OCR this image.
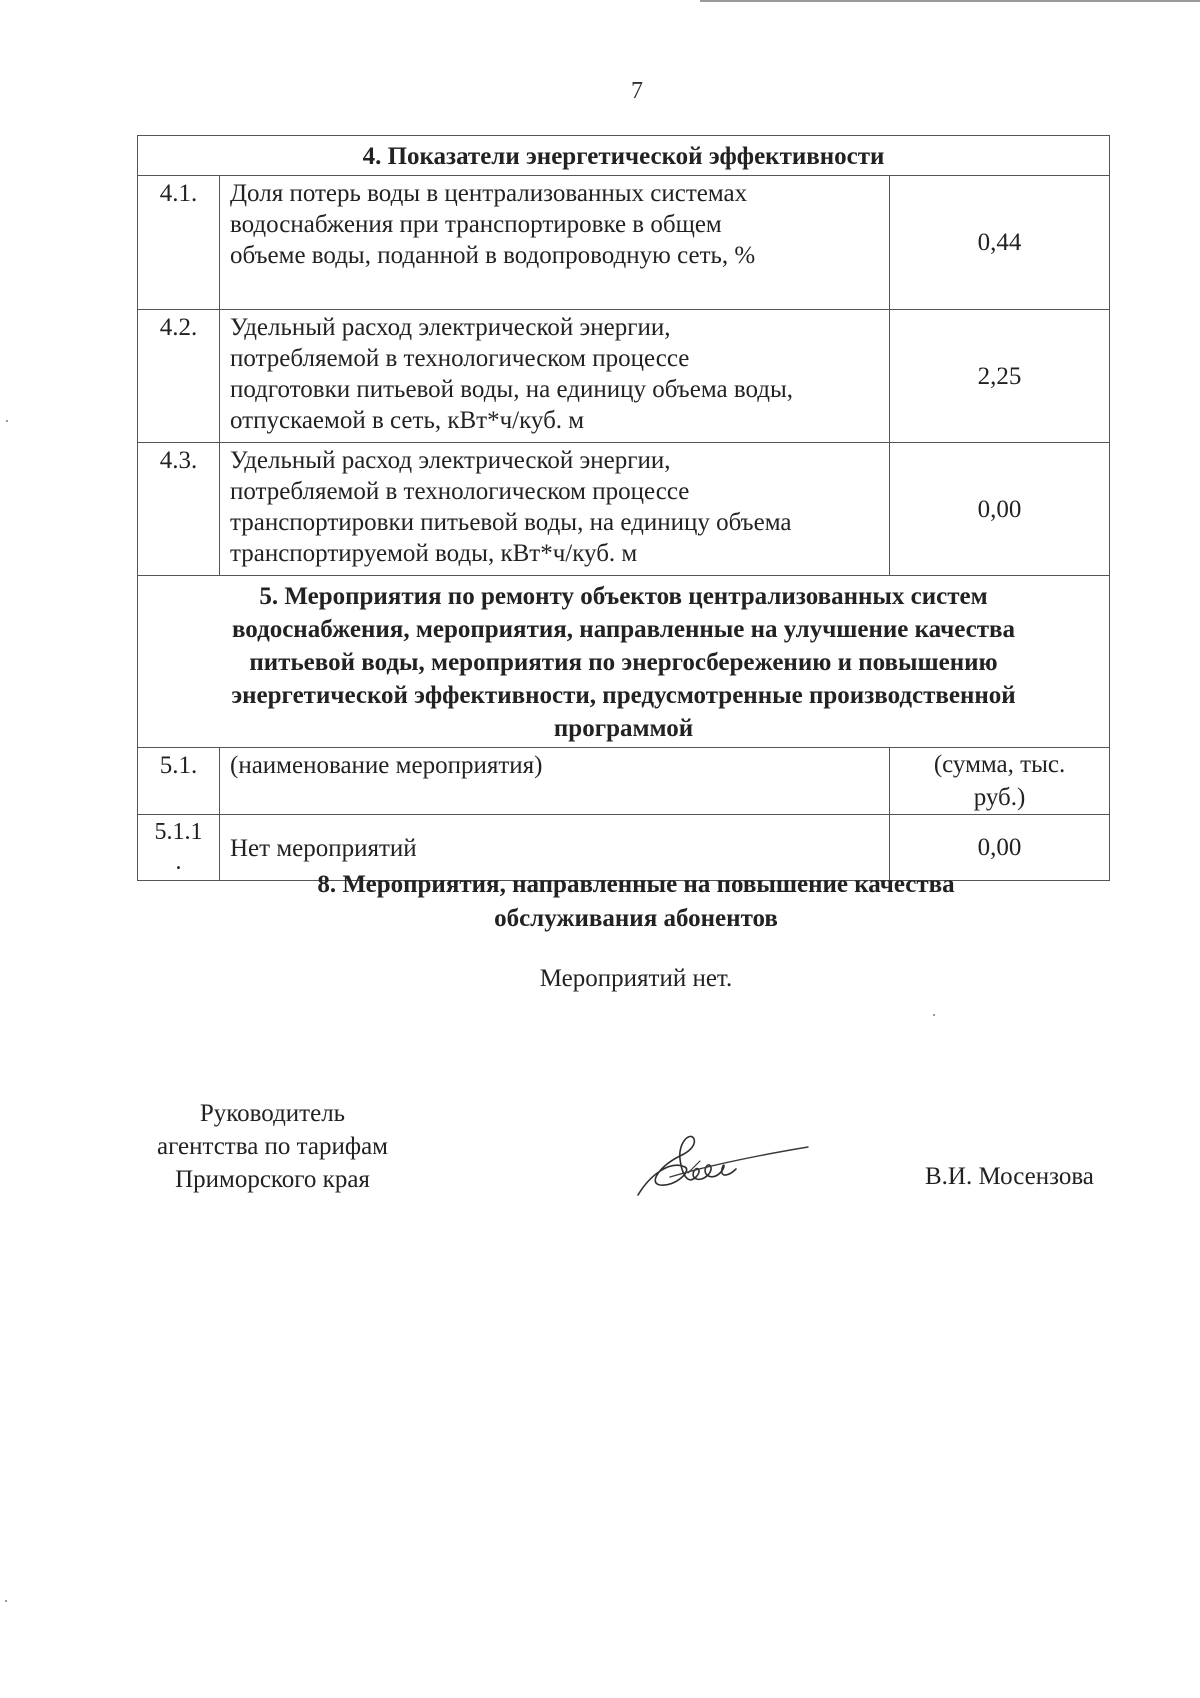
7
4. Показатели энергетической эффективности		
4.1.	Доля потерь воды в централизованных системах
водоснабжения при транспортировке в общем
объеме воды, поданной в водопроводную сеть, %	0,44
4.2.	Удельный расход электрической энергии,
потребляемой в технологическом процессе
подготовки питьевой воды, на единицу объема воды,
отпускаемой в сеть, кВт*ч/куб. м	2,25
4.3.	Удельный расход электрической энергии,
потребляемой в технологическом процессе
транспортировки питьевой воды, на единицу объема
транспортируемой воды, кВт*ч/куб. м	0,00

5. Мероприятия по ремонту объектов централизованных систем
водоснабжения, мероприятия, направленные на улучшение качества
питьевой воды, мероприятия по энергосбережению и повышению
энергетической эффективности, предусмотренные производственной
программой		

5.1.	(наименование мероприятия)	(сумма, тыс.
руб.)

5.1.1
.	Нет мероприятий	0,00
8. Мероприятия, направленные на повышение качества
обслуживания абонентов
Мероприятий нет.
Руководитель
агентства по тарифам
Приморского края	В.И. Мосензова
